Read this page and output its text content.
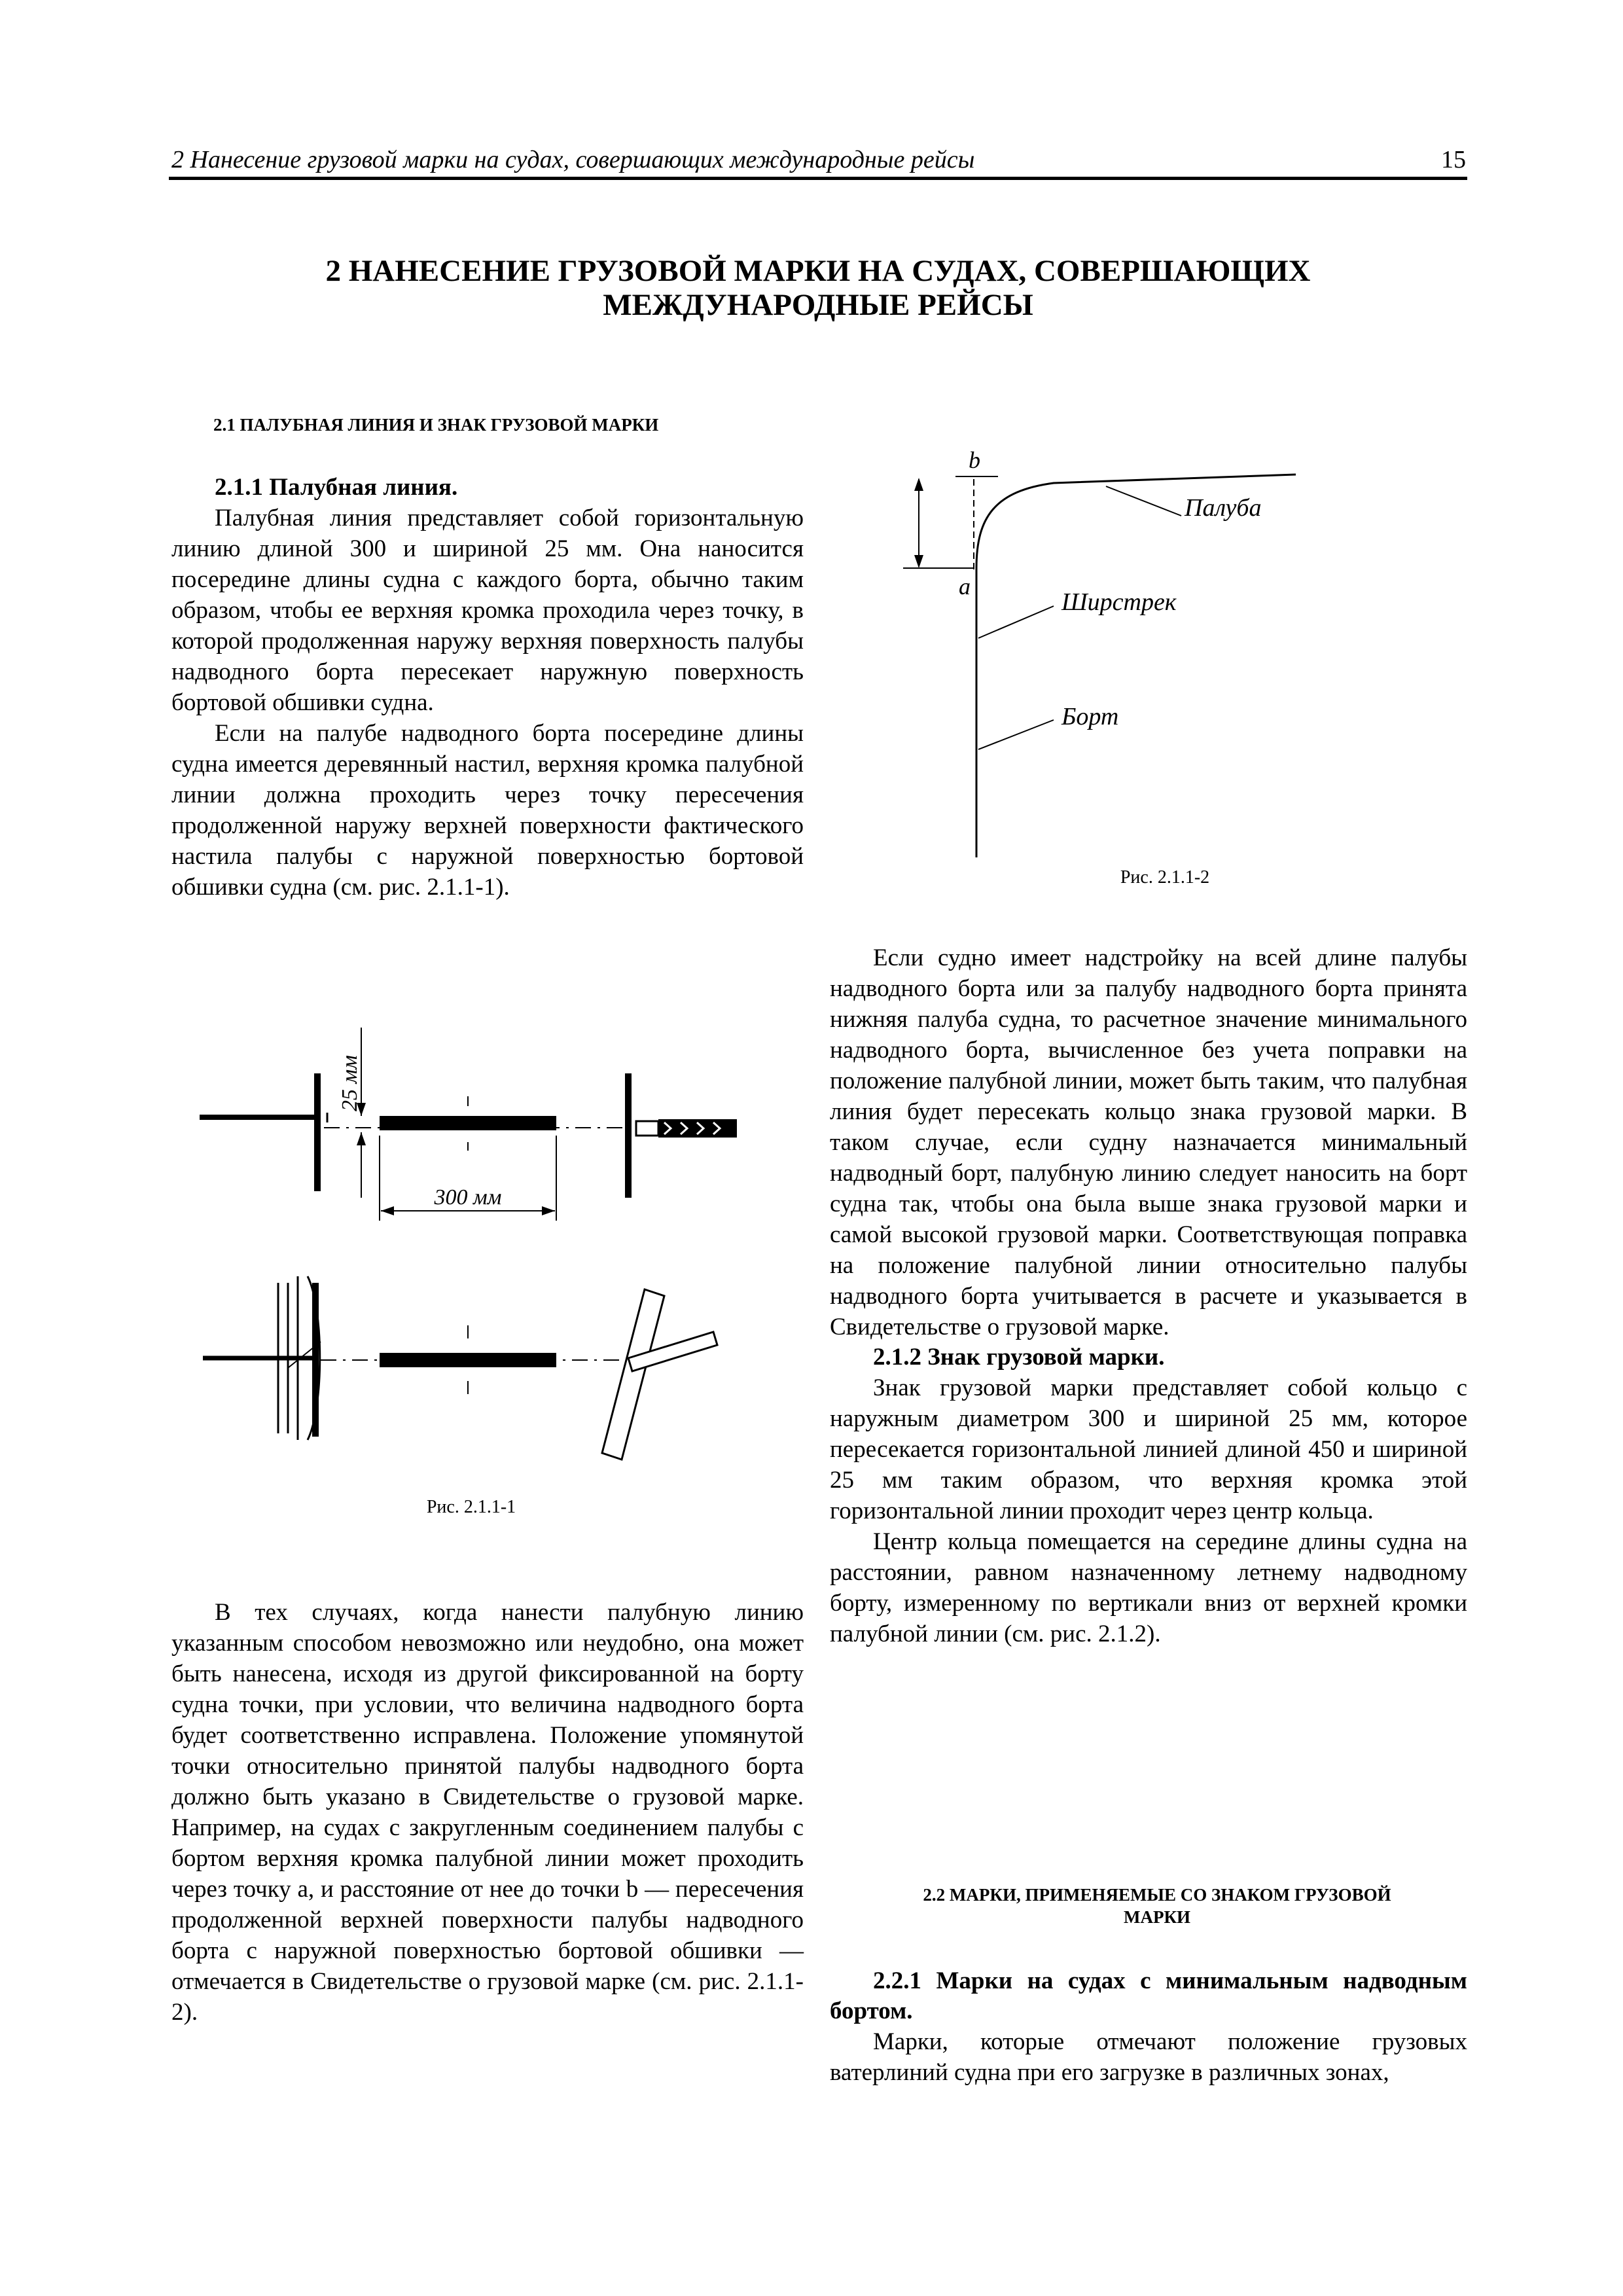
2 Нанесение грузовой марки на судах, совершающих международные рейсы	15
2 НАНЕСЕНИЕ ГРУЗОВОЙ МАРКИ НА СУДАХ, СОВЕРШАЮЩИХ
МЕЖДУНАРОДНЫЕ РЕЙСЫ
2.1 ПАЛУБНАЯ ЛИНИЯ И ЗНАК ГРУЗОВОЙ МАРКИ

2.1.1 Палубная линия.

Палубная линия представляет собой горизонтальную линию длиной 300 и шириной 25 мм. Она наносится посередине длины судна с каждого борта, обычно таким образом, чтобы ее верхняя кромка проходила через точку, в которой продолженная наружу верхняя поверхность палубы надводного борта пересекает наружную поверхность бортовой обшивки судна.

Если на палубе надводного борта посередине длины судна имеется деревянный настил, верхняя кромка палубной линии должна проходить через точку пересечения продолженной наружу верхней поверхности фактического настила палубы с наружной поверхностью бортовой обшивки судна (см. рис. 2.1.1-1).

25 мм
300 мм
Рис. 2.1.1-1

В тех случаях, когда нанести палубную линию указанным способом невозможно или неудобно, она может быть нанесена, исходя из другой фиксированной на борту судна точки, при условии, что величина надводного борта будет соответственно исправлена. Положение упомянутой точки относительно принятой палубы надводного борта должно быть указано в Свидетельстве о грузовой марке. Например, на судах с закругленным соединением палубы с бортом верхняя кромка палубной линии может проходить через точку а, и расстояние от нее до точки b — пересечения продолженной верхней поверхности палубы надводного борта с наружной поверхностью бортовой обшивки — отмечается в Свидетельстве о грузовой марке (см. рис. 2.1.1-2).

b
a
Палуба
Ширстрек
Борт
Рис. 2.1.1-2

Если судно имеет надстройку на всей длине палубы надводного борта или за палубу надводного борта принята нижняя палуба судна, то расчетное значение минимального надводного борта, вычисленное без учета поправки на положение палубной линии, может быть таким, что палубная линия будет пересекать кольцо знака грузовой марки. В таком случае, если судну назначается минимальный надводный борт, палубную линию следует наносить на борт судна так, чтобы она была выше знака грузовой марки и самой высокой грузовой марки. Соответствующая поправка на положение палубной линии относительно палубы надводного борта учитывается в расчете и указывается в Свидетельстве о грузовой марке.

2.1.2 Знак грузовой марки.

Знак грузовой марки представляет собой кольцо с наружным диаметром 300 и шириной 25 мм, которое пересекается горизонтальной линией длиной 450 и шириной 25 мм таким образом, что верхняя кромка этой горизонтальной линии проходит через центр кольца.

Центр кольца помещается на середине длины судна на расстоянии, равном назначенному летнему надводному борту, измеренному по вертикали вниз от верхней кромки палубной линии (см. рис. 2.1.2).

2.2 МАРКИ, ПРИМЕНЯЕМЫЕ СО ЗНАКОМ ГРУЗОВОЙ
МАРКИ

2.2.1 Марки на судах с минимальным надводным бортом.

Марки, которые отмечают положение грузовых ватерлиний судна при его загрузке в различных зонах,
